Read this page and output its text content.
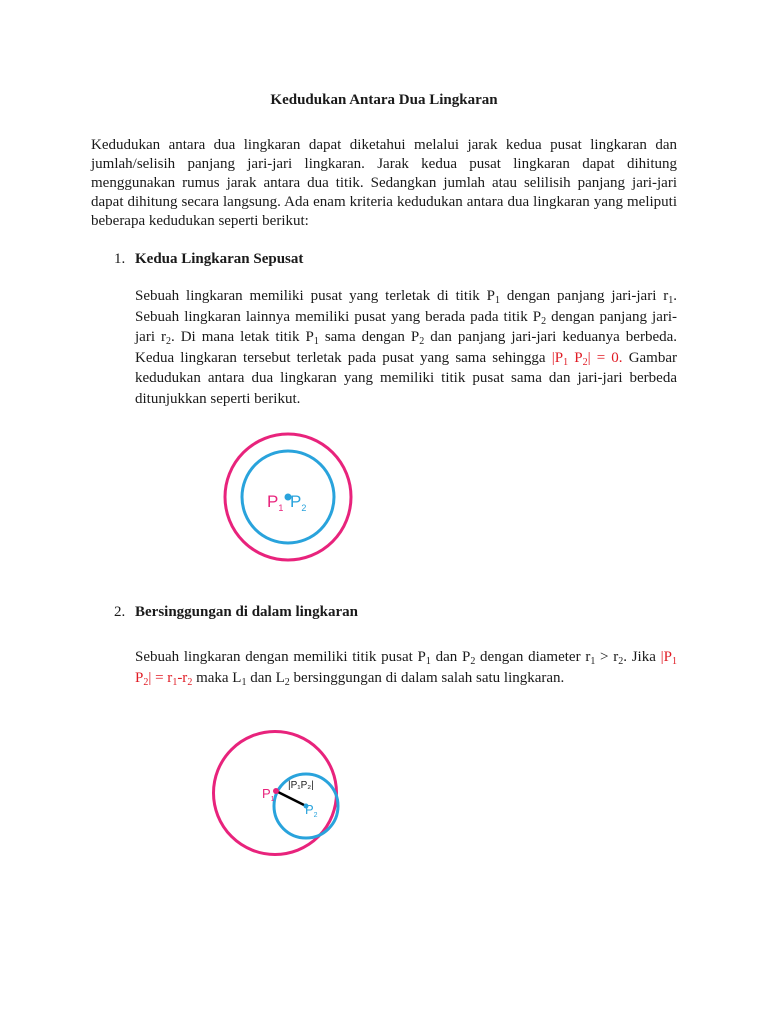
Kedudukan Antara Dua Lingkaran

Kedudukan antara dua lingkaran dapat diketahui melalui jarak kedua pusat lingkaran dan jumlah/selisih panjang jari-jari lingkaran. Jarak kedua pusat lingkaran dapat dihitung menggunakan rumus jarak antara dua titik. Sedangkan jumlah atau selilisih panjang jari-jari dapat dihitung secara langsung. Ada enam kriteria kedudukan antara dua lingkaran yang meliputi beberapa kedudukan seperti berikut:

1. Kedua Lingkaran Sepusat

Sebuah lingkaran memiliki pusat yang terletak di titik $P_1$ dengan panjang jari-jari $r_1$. Sebuah lingkaran lainnya memiliki pusat yang berada pada titik $P_2$ dengan panjang jari-jari $r_2$. Di mana letak titik $P_1$ sama dengan $P_2$ dan panjang jari-jari keduanya berbeda. Kedua lingkaran tersebut terletak pada pusat yang sama sehingga $|P_1$ $P_2| = 0$. Gambar kedudukan antara dua lingkaran yang memiliki titik pusat sama dan jari-jari berbeda ditunjukkan seperti berikut.

$P_1$ $P_2$
2. Bersinggungan di dalam lingkaran

Sebuah lingkaran dengan memiliki titik pusat $P_1$ dan $P_2$ dengan diameter $r_1 > r_2$. Jika $|P_1$ $P_2| = r_1-r_2$ maka $L_1$ dan $L_2$ bersinggungan di dalam salah satu lingkaran.

$P_1$
$P_2$
|P₁P₂|
